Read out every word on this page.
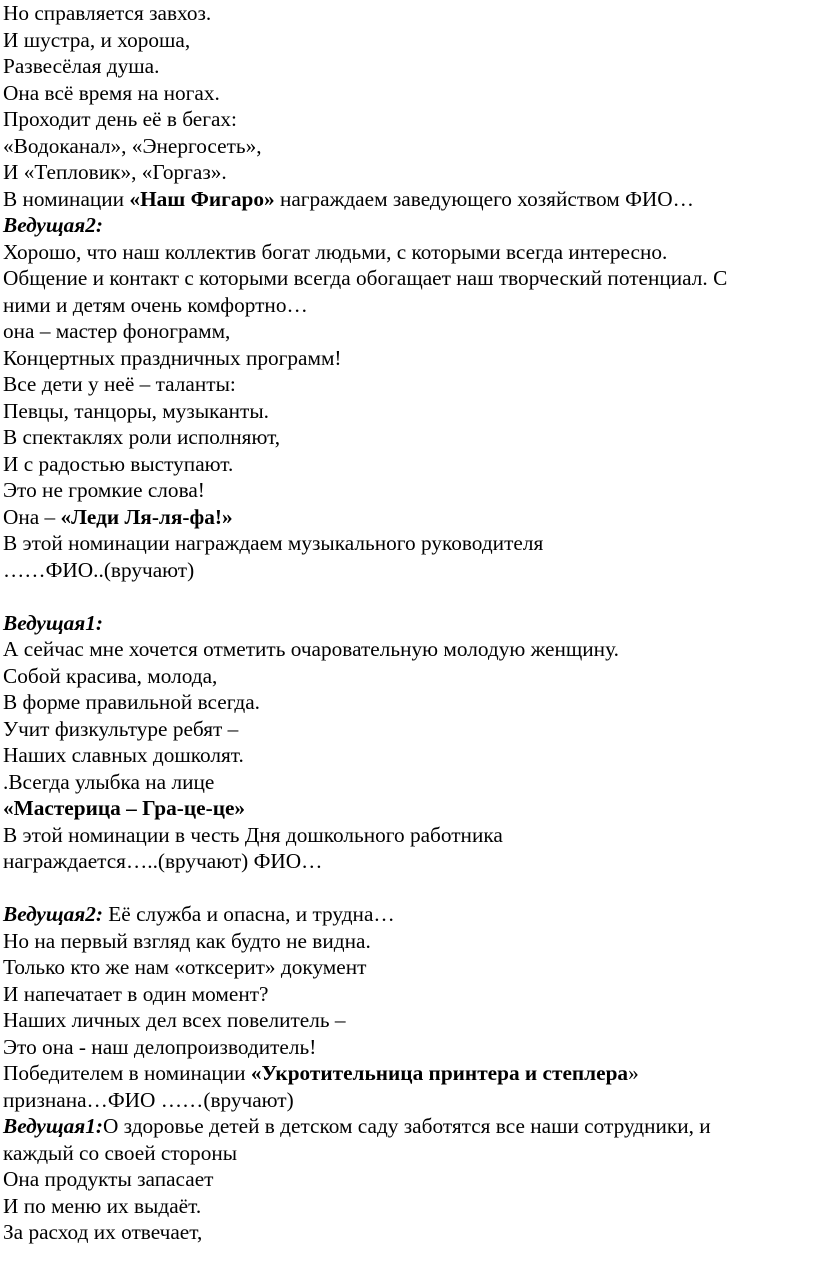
Но справляется завхоз.
И шустра, и хороша,
Развесёлая душа.
Она всё время на ногах.
Проходит день её в бегах:
«Водоканал», «Энергосеть»,
И «Тепловик», «Горгаз».
В номинации «Наш Фигаро» награждаем заведующего хозяйством ФИО…
Ведущая2:
Хорошо, что наш коллектив богат людьми, с которыми всегда интересно.
Общение и контакт с которыми всегда обогащает наш творческий потенциал. С
ними и детям очень комфортно…
она – мастер фонограмм,
Концертных праздничных программ!
Все дети у неё – таланты:
Певцы, танцоры, музыканты.
В спектаклях роли исполняют,
И с радостью выступают.
Это не громкие слова!
Она – «Леди Ля-ля-фа!»
В этой номинации награждаем музыкального руководителя
……ФИО..(вручают)
Ведущая1:
А сейчас мне хочется отметить очаровательную молодую женщину.
Собой красива, молода,
В форме правильной всегда.
Учит физкультуре ребят –
Наших славных дошколят.
.Всегда улыбка на лице
«Мастерица – Гра-це-це»
В этой номинации в честь Дня дошкольного работника
награждается…..(вручают) ФИО…
Ведущая2: Её служба и опасна, и трудна…
Но на первый взгляд как будто не видна.
Только кто же нам «отксерит» документ
И напечатает в один момент?
Наших личных дел всех повелитель –
Это она - наш делопроизводитель!
Победителем в номинации «Укротительница принтера и степлера»
признана…ФИО ……(вручают)
Ведущая1:О здоровье детей в детском саду заботятся все наши сотрудники, и
каждый со своей стороны
Она продукты запасает
И по меню их выдаёт.
За расход их отвечает,
